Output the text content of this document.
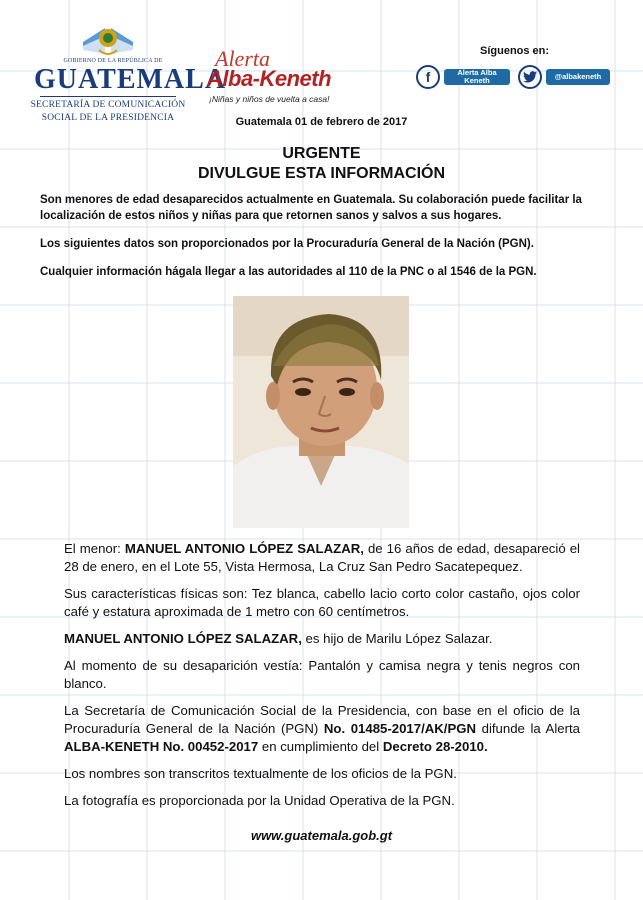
GOBIERNO DE LA REPÚBLICA DE
GUATEMALA
SECRETARÍA DE COMUNICACIÓN
SOCIAL DE LA PRESIDENCIA
Alerta
Alba-Keneth
¡Niñas y niños de vuelta a casa!
Síguenos en:
f	Alerta Alba Keneth	@albakeneth
Guatemala 01 de febrero de 2017
URGENTE
DIVULGUE ESTA INFORMACIÓN

Son menores de edad desaparecidos actualmente en Guatemala. Su colaboración puede facilitar la localización de estos niños y niñas para que retornen sanos y salvos a sus hogares.

Los siguientes datos son proporcionados por la Procuraduría General de la Nación (PGN).

Cualquier información hágala llegar a las autoridades al 110 de la PNC o al 1546 de la PGN.

El menor: MANUEL ANTONIO LÓPEZ SALAZAR, de 16 años de edad, desapareció el 28 de enero, en el Lote 55, Vista Hermosa, La Cruz San Pedro Sacatepequez.

Sus características físicas son: Tez blanca, cabello lacio corto color castaño, ojos color café y estatura aproximada de 1 metro con 60 centímetros.

MANUEL ANTONIO LÓPEZ SALAZAR, es hijo de Marilu López Salazar.

Al momento de su desaparición vestía: Pantalón y camisa negra y tenis negros con blanco.

La Secretaría de Comunicación Social de la Presidencia, con base en el oficio de la Procuraduría General de la Nación (PGN) No. 01485-2017/AK/PGN difunde la Alerta ALBA-KENETH No. 00452-2017 en cumplimiento del Decreto 28-2010.

Los nombres son transcritos textualmente de los oficios de la PGN.

La fotografía es proporcionada por la Unidad Operativa de la PGN.

www.guatemala.gob.gt
